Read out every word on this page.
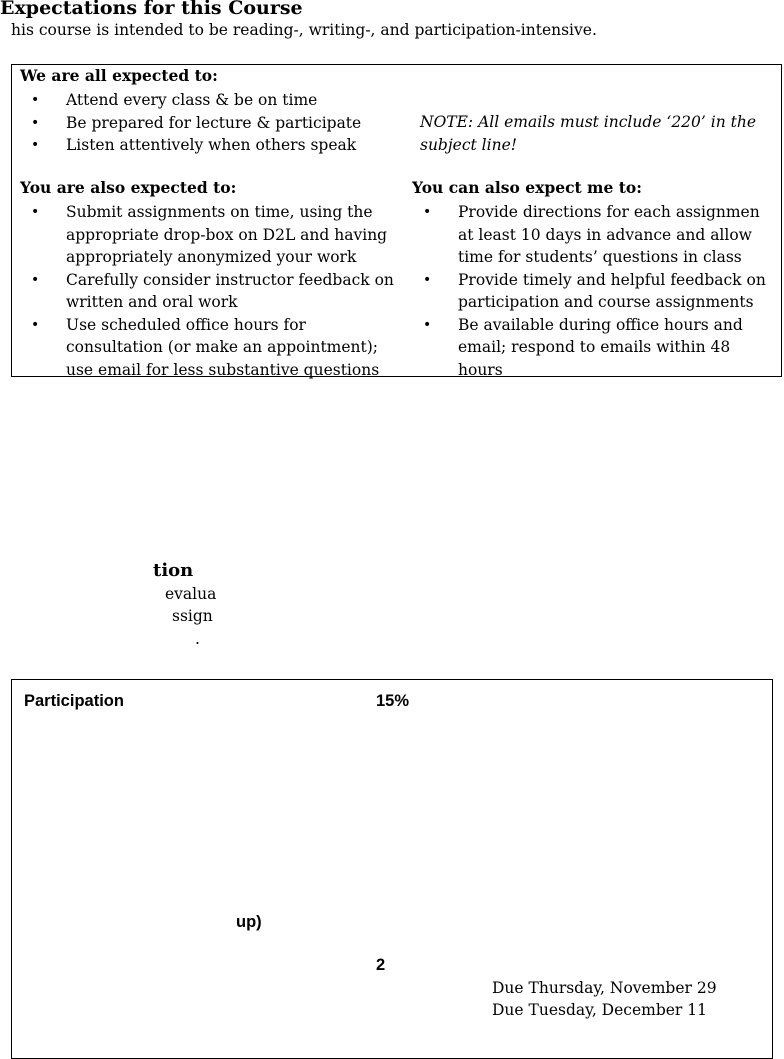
Expectations for this Course
his course is intended to be reading-, writing-, and participation-intensive.
We are all expected to:
• Attend every class & be on time
• Be prepared for lecture & participate
• Listen attentively when others speak
NOTE: All emails must include ‘220’ in the
subject line!
You are also expected to:
• Submit assignments on time, using the
appropriate drop-box on D2L and having
appropriately anonymized your work
• Carefully consider instructor feedback on
written and oral work
• Use scheduled office hours for
consultation (or make an appointment);
use email for less substantive questions
You can also expect me to:
• Provide directions for each assignmen
at least 10 days in advance and allow
time for students’ questions in class
• Provide timely and helpful feedback on
participation and course assignments
• Be available during office hours and
email; respond to emails within 48
hours
tion
evalua
ssign
.
Participation	15%
up)
2
Due Thursday, November 29
Due Tuesday, December 11
